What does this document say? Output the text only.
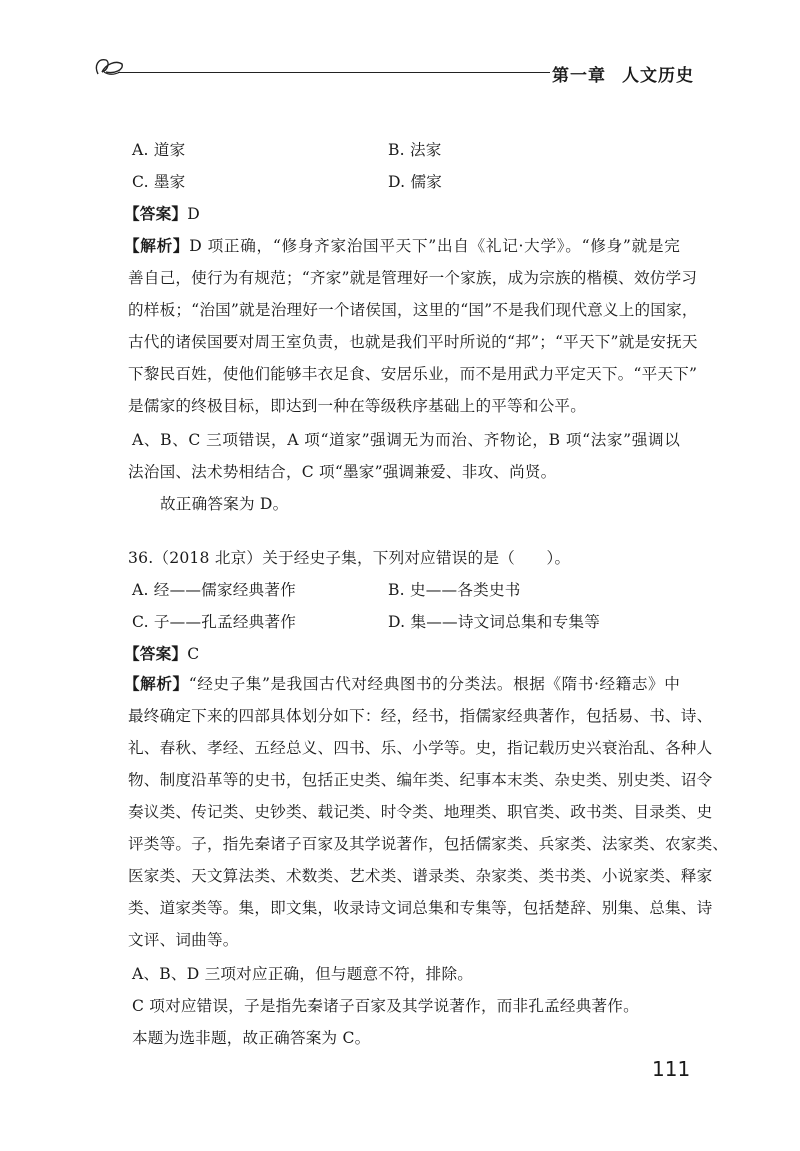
第一章 人文历史
A. 道家	B. 法家
C. 墨家	D. 儒家
【答案】D
【解析】D 项正确，“修身齐家治国平天下”出自《礼记·大学》。“修身”就是完
善自己，使行为有规范；“齐家”就是管理好一个家族，成为宗族的楷模、效仿学习
的样板；“治国”就是治理好一个诸侯国，这里的“国”不是我们现代意义上的国家，
古代的诸侯国要对周王室负责，也就是我们平时所说的“邦”；“平天下”就是安抚天
下黎民百姓，使他们能够丰衣足食、安居乐业，而不是用武力平定天下。“平天下”
是儒家的终极目标，即达到一种在等级秩序基础上的平等和公平。
A、B、C 三项错误，A 项“道家”强调无为而治、齐物论，B 项“法家”强调以
法治国、法术势相结合，C 项“墨家”强调兼爱、非攻、尚贤。
故正确答案为 D。
36.（2018 北京）关于经史子集，下列对应错误的是（　　）。
A. 经——儒家经典著作	B. 史——各类史书
C. 子——孔孟经典著作	D. 集——诗文词总集和专集等
【答案】C
【解析】“经史子集”是我国古代对经典图书的分类法。根据《隋书·经籍志》中
最终确定下来的四部具体划分如下：经，经书，指儒家经典著作，包括易、书、诗、
礼、春秋、孝经、五经总义、四书、乐、小学等。史，指记载历史兴衰治乱、各种人
物、制度沿革等的史书，包括正史类、编年类、纪事本末类、杂史类、别史类、诏令
奏议类、传记类、史钞类、载记类、时令类、地理类、职官类、政书类、目录类、史
评类等。子，指先秦诸子百家及其学说著作，包括儒家类、兵家类、法家类、农家类、
医家类、天文算法类、术数类、艺术类、谱录类、杂家类、类书类、小说家类、释家
类、道家类等。集，即文集，收录诗文词总集和专集等，包括楚辞、别集、总集、诗
文评、词曲等。
A、B、D 三项对应正确，但与题意不符，排除。
C 项对应错误，子是指先秦诸子百家及其学说著作，而非孔孟经典著作。
本题为选非题，故正确答案为 C。
111
